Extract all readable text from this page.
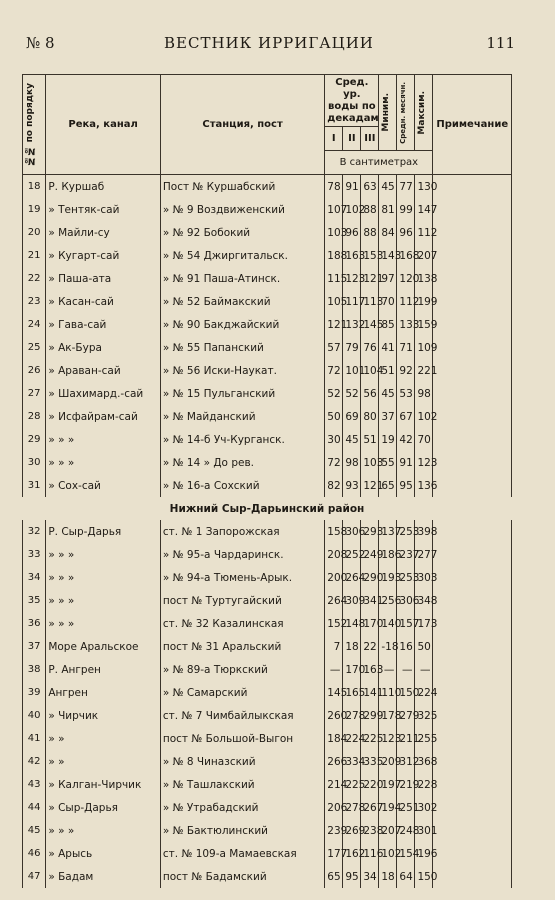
№ 8	ВЕСТНИК ИРРИГАЦИИ	111
№№ по порядку	Река, канал	Станция, пост	Сред. ур. воды по декадам			Миним.	Средн. месячн.	Максим.	Примечание
			I	II	III				
			В сантиметрах						
18	Р. Куршаб	Пост № Куршабский	78	91	63	45	77	130	
19	» Тентяк-сай	» № 9 Воздвиженский	107	102	88	81	99	147	
20	» Майли-су	» № 92 Бобокий	103	96	88	84	96	112	
21	» Кугарт-сай	» № 54 Джиргитальск.	188	163	153	143	168	207	
22	» Паша-ата	» № 91 Паша-Атинск.	115	123	121	97	120	138	
23	» Касан-сай	» № 52 Баймакский	105	117	113	70	112	199	
24	» Гава-сай	» № 90 Бакджайский	121	132	145	85	133	159	
25	» Ак-Бура	» № 55 Папанский	57	79	76	41	71	109	
26	» Араван-сай	» № 56 Иски-Наукат.	72	101	104	51	92	221	
27	» Шахимард.-сай	» № 15 Пульганский	52	52	56	45	53	98	
28	» Исфайрам-сай	» № Майданский	50	69	80	37	67	102	
29	» » »	» № 14-б Уч-Курганск.	30	45	51	19	42	70	
30	» » »	» № 14 » До рев.	72	98	103	55	91	123	
31	» Сох-сай	» № 16-а Сохский	82	93	121	65	95	136	
Нижний Сыр-Дарьинский район									
32	Р. Сыр-Дарья	ст. № 1 Запорожская	158	306	293	137	253	398	
33	» » »	» № 95-а Чардаринск.	208	252	249	186	237	277	
34	» » »	» № 94-а Тюмень-Арык.	200	264	290	193	253	303	
35	» » »	пост № Туртугайский	264	309	341	256	306	348	
36	» » »	ст. № 32 Казалинская	152	148	170	140	157	173	
37	Море Аральское	пост № 31 Аральский	7	18	22	-18	16	50	
38	Р. Ангрен	» № 89-а Тюркский	—	170	163	—	—	—	
39	Ангрен	» № Самарский	145	165	141	110	150	224	
40	» Чирчик	ст. № 7 Чимбайлыкская	260	278	299	178	279	325	
41	» »	пост № Большой-Выгон	184	224	225	123	211	255	
42	» »	» № 8 Чиназский	266	334	335	209	312	368	
43	» Калган-Чирчик	» № Ташлакский	214	225	220	197	219	228	
44	» Сыр-Дарья	» № Утрабадский	206	278	267	194	251	302	
45	» » »	» № Бактюлинский	239	269	238	207	248	301	
46	» Арысь	ст. № 109-а Мамаевская	177	162	116	102	154	196	
47	» Бадам	пост № Бадамский	65	95	34	18	64	150	
